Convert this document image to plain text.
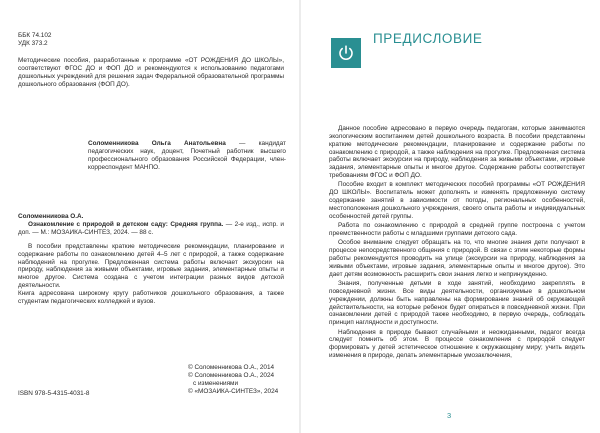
ББК 74.102
УДК 373.2
Методические пособия, разработанные к программе «ОТ РОЖДЕНИЯ ДО ШКОЛЫ», соответствуют ФГОС ДО и ФОП ДО и рекомендуются к использованию педагогами дошкольных учреждений для решения задач Федеральной образовательной программы дошкольного образования (ФОП ДО).
Соломенникова Ольга Анатольевна — кандидат педагогических наук, доцент, Почетный работник высшего профессионального образования Российской Федерации, член-корреспондент МАНПО.

Соломенникова О.А.

Ознакомление с природой в детском саду: Средняя группа. — 2-е изд., испр. и доп. — М.: МОЗАИКА-СИНТЕЗ, 2024. — 88 с.

В пособии представлены краткие методические рекомендации, планирование и содержание работы по ознакомлению детей 4–5 лет с природой, а также содержание наблюдений на прогулке. Предложенная система работы включает экскурсии на природу, наблюдения за живыми объектами, игровые задания, элементарные опыты и многое другое. Система создана с учетом интеграции разных видов детской деятельности.

Книга адресована широкому кругу работников дошкольного образования, а также студентам педагогических колледжей и вузов.

© Соломенникова О.А., 2014
© Соломенникова О.А., 2024
с изменениями
© «МОЗАИКА-СИНТЕЗ», 2024
ISBN 978-5-4315-4031-8
ПРЕДИСЛОВИЕ

Данное пособие адресовано в первую очередь педагогам, которые занимаются экологическим воспитанием детей дошкольного возраста. В пособии представлены краткие методические рекомендации, планирование и содержание работы по ознакомлению с природой, а также наблюдения на прогулке. Предложенная система работы включает экскурсии на природу, наблюдения за живыми объектами, игровые задания, элементарные опыты и многое другое. Содержание работы соответствует требованиям ФГОС и ФОП ДО.

Пособие входит в комплект методических пособий программы «ОТ РОЖДЕНИЯ ДО ШКОЛЫ». Воспитатель может дополнять и изменять предложенную систему содержание занятий в зависимости от погоды, региональных особенностей, местоположения дошкольного учреждения, своего опыта работы и индивидуальных особенностей детей группы.

Работа по ознакомлению с природой в средней группе построена с учетом преемственности работы с младшими группами детского сада.

Особое внимание следует обращать на то, что многие знания дети получают в процессе непосредственного общения с природой. В связи с этим некоторые формы работы рекомендуется проводить на улице (экскурсии на природу, наблюдения за живыми объектами, игровые задания, элементарные опыты и многое другое). Это дает детям возможность расширить свои знания легко и непринужденно.

Знания, полученные детьми в ходе занятий, необходимо закреплять в повседневной жизни. Все виды деятельности, организуемые в дошкольном учреждении, должны быть направлены на формирование знаний об окружающей действительности, на которые ребенок будет опираться в повседневной жизни. При ознакомлении детей с природой также необходимо, в первую очередь, соблюдать принцип наглядности и доступности.

Наблюдения в природе бывают случайными и неожиданными, педагог всегда следует помнить об этом. В процессе ознакомления с природой следует формировать у детей эстетическое отношение к окружающему миру; учить видеть изменения в природе, делать элементарные умозаключения,

3
